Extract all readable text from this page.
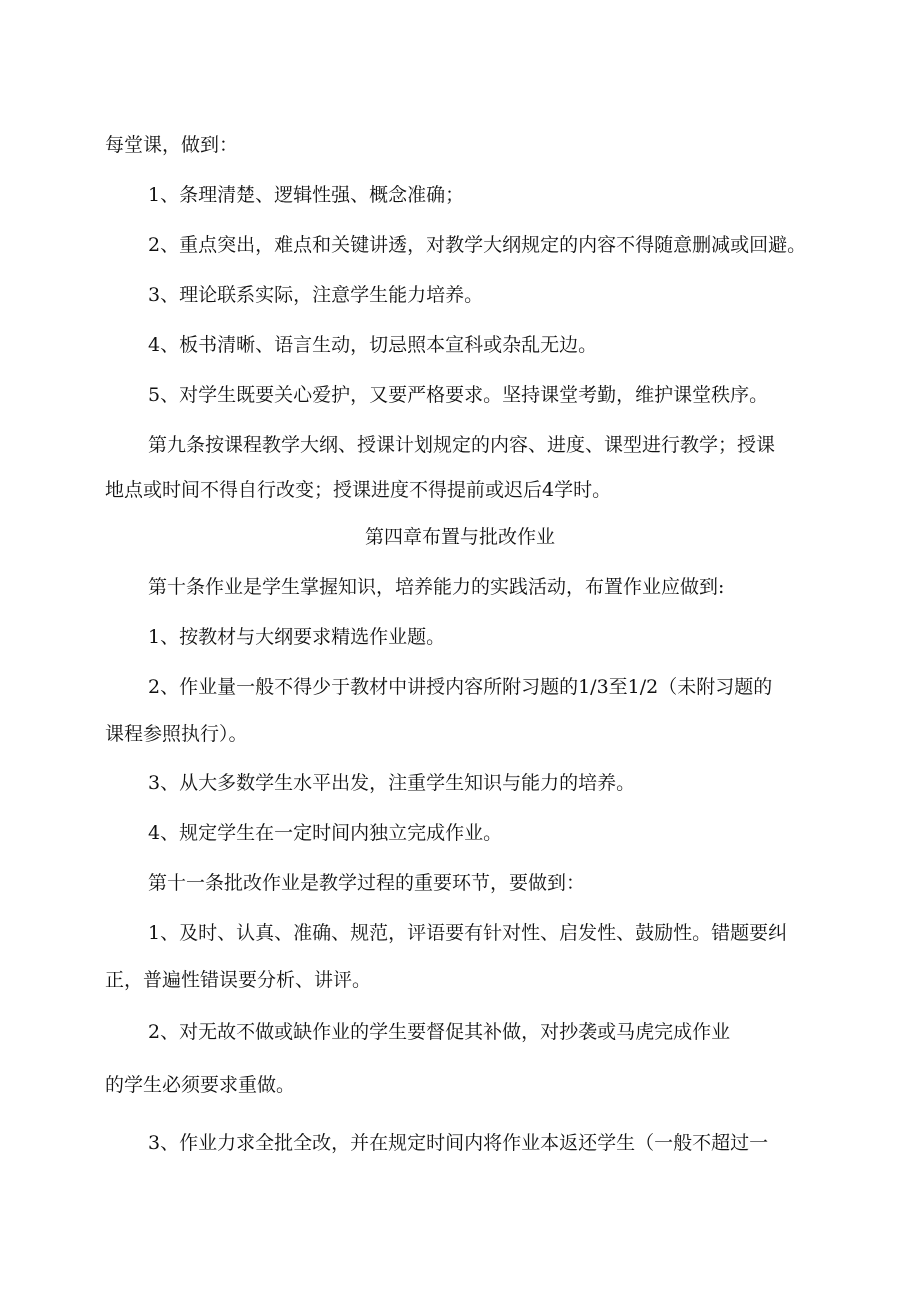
每堂课，做到：
1、条理清楚、逻辑性强、概念准确；
2、重点突出，难点和关键讲透，对教学大纲规定的内容不得随意删减或回避。
3、理论联系实际，注意学生能力培养。
4、板书清晰、语言生动，切忌照本宣科或杂乱无边。
5、对学生既要关心爱护，又要严格要求。坚持课堂考勤，维护课堂秩序。
第九条按课程教学大纲、授课计划规定的内容、进度、课型进行教学；授课
地点或时间不得自行改变；授课进度不得提前或迟后4学时。
第四章布置与批改作业
第十条作业是学生掌握知识，培养能力的实践活动，布置作业应做到:
1、按教材与大纲要求精选作业题。
2、作业量一般不得少于教材中讲授内容所附习题的1/3至1/2（未附习题的
课程参照执行）。
3、从大多数学生水平出发，注重学生知识与能力的培养。
4、规定学生在一定时间内独立完成作业。
第十一条批改作业是教学过程的重要环节，要做到：
1、及时、认真、准确、规范，评语要有针对性、启发性、鼓励性。错题要纠
正，普遍性错误要分析、讲评。
2、对无故不做或缺作业的学生要督促其补做，对抄袭或马虎完成作业
的学生必须要求重做。
3、作业力求全批全改，并在规定时间内将作业本返还学生（一般不超过一
